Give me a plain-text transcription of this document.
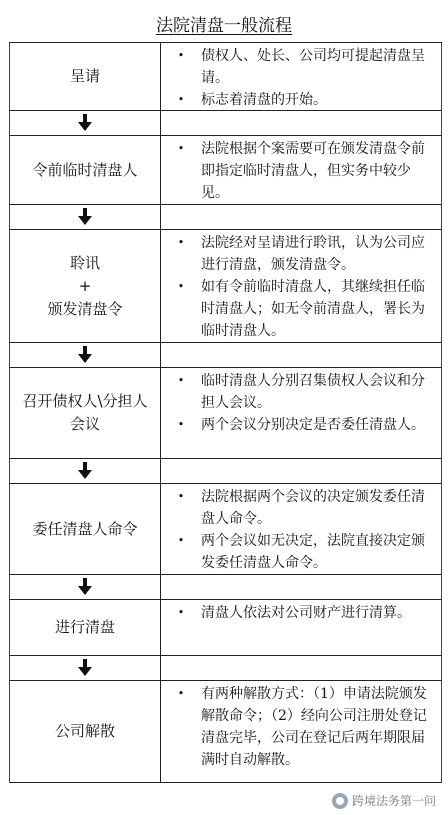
法院清盘一般流程
呈请
•	债权人、处长、公司均可提起清盘呈请。
•	标志着清盘的开始。
令前临时清盘人
•	法院根据个案需要可在颁发清盘令前即指定临时清盘人，但实务中较少见。
聆讯
+
颁发清盘令
•	法院经对呈请进行聆讯，认为公司应进行清盘，颁发清盘令。
•	如有令前临时清盘人，其继续担任临时清盘人；如无令前清盘人，署长为临时清盘人。
召开债权人\分担人
会议
•	临时清盘人分别召集债权人会议和分担人会议。
•	两个会议分别决定是否委任清盘人。
委任清盘人命令
•	法院根据两个会议的决定颁发委任清盘人命令。
•	两个会议如无决定，法院直接决定颁发委任清盘人命令。
进行清盘
•	清盘人依法对公司财产进行清算。
公司解散
•	有两种解散方式：（1）申请法院颁发解散命令；（2）经向公司注册处登记清盘完毕，公司在登记后两年期限届满时自动解散。
跨境法务第一问
